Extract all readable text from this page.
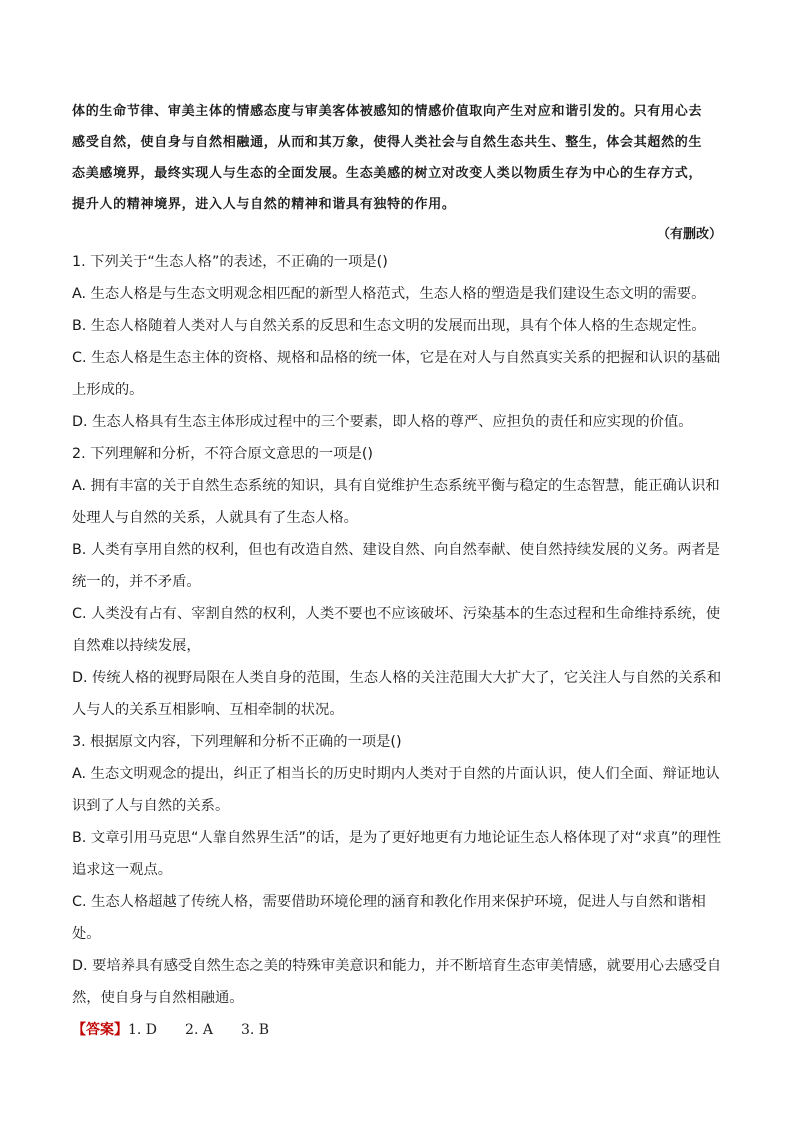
体的生命节律、审美主体的情感态度与审美客体被感知的情感价值取向产生对应和谐引发的。只有用心去
感受自然，使自身与自然相融通，从而和其万象，使得人类社会与自然生态共生、整生，体会其超然的生
态美感境界，最终实现人与生态的全面发展。生态美感的树立对改变人类以物质生存为中心的生存方式，
提升人的精神境界，进入人与自然的精神和谐具有独特的作用。
（有删改）

1. 下列关于“生态人格”的表述，不正确的一项是()

A. 生态人格是与生态文明观念相匹配的新型人格范式，生态人格的塑造是我们建设生态文明的需要。

B. 生态人格随着人类对人与自然关系的反思和生态文明的发展而出现，具有个体人格的生态规定性。

C. 生态人格是生态主体的资格、规格和品格的统一体，它是在对人与自然真实关系的把握和认识的基础上形成的。

D. 生态人格具有生态主体形成过程中的三个要素，即人格的尊严、应担负的责任和应实现的价值。

2. 下列理解和分析，不符合原文意思的一项是()

A. 拥有丰富的关于自然生态系统的知识，具有自觉维护生态系统平衡与稳定的生态智慧，能正确认识和处理人与自然的关系，人就具有了生态人格。

B. 人类有享用自然的权利，但也有改造自然、建设自然、向自然奉献、使自然持续发展的义务。两者是统一的，并不矛盾。

C. 人类没有占有、宰割自然的权利，人类不要也不应该破坏、污染基本的生态过程和生命维持系统，使自然难以持续发展，

D. 传统人格的视野局限在人类自身的范围，生态人格的关注范围大大扩大了，它关注人与自然的关系和人与人的关系互相影响、互相牵制的状况。

3. 根据原文内容，下列理解和分析不正确的一项是()

A. 生态文明观念的提出，纠正了相当长的历史时期内人类对于自然的片面认识，使人们全面、辩证地认识到了人与自然的关系。

B. 文章引用马克思“人靠自然界生活”的话，是为了更好地更有力地论证生态人格体现了对“求真”的理性追求这一观点。

C. 生态人格超越了传统人格，需要借助环境伦理的涵育和教化作用来保护环境，促进人与自然和谐相处。

D. 要培养具有感受自然生态之美的特殊审美意识和能力，并不断培育生态审美情感，就要用心去感受自然，使自身与自然相融通。

【答案】1. D　　2. A　　3. B
